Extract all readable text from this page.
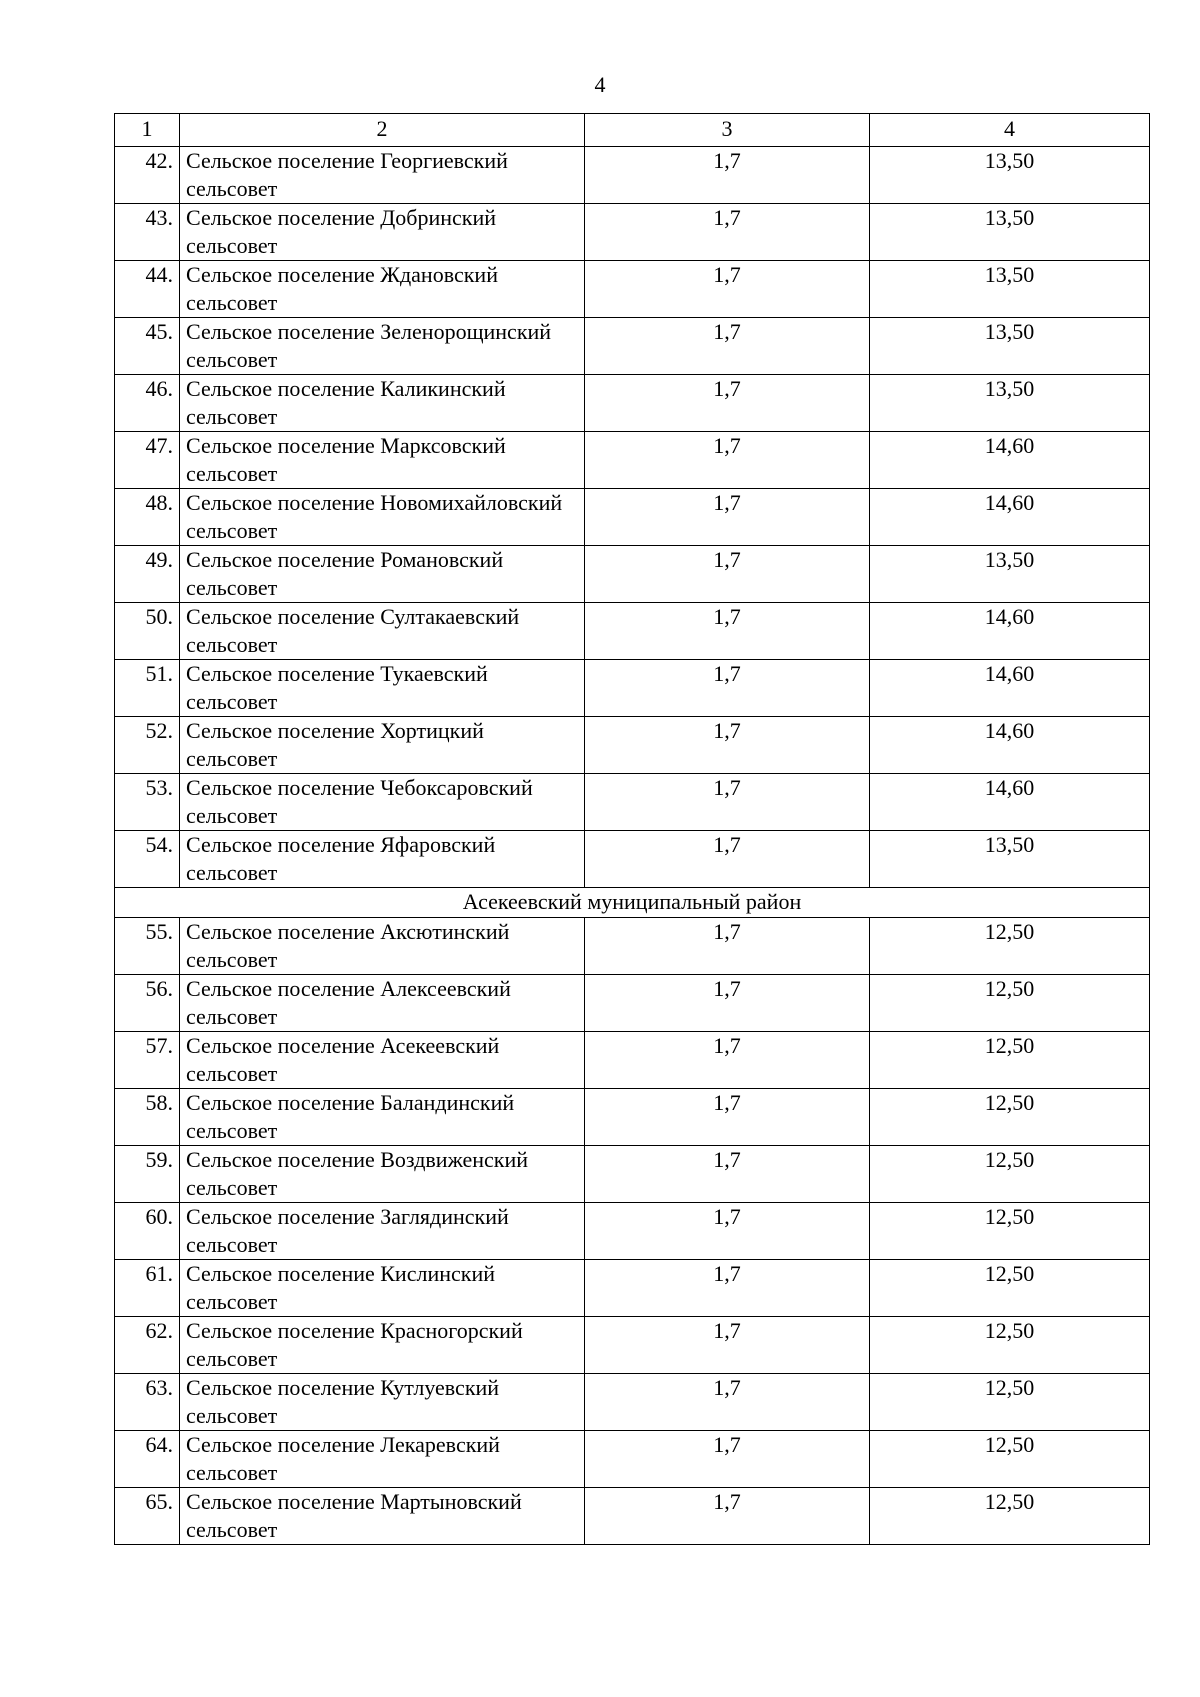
4
1	2	3	4
42.	Сельское поселение Георгиевский сельсовет	1,7	13,50
43.	Сельское поселение Добринский сельсовет	1,7	13,50
44.	Сельское поселение Ждановский сельсовет	1,7	13,50
45.	Сельское поселение Зеленорощинский сельсовет	1,7	13,50
46.	Сельское поселение Каликинский сельсовет	1,7	13,50
47.	Сельское поселение Марксовский сельсовет	1,7	14,60
48.	Сельское поселение Новомихайловский сельсовет	1,7	14,60
49.	Сельское поселение Романовский сельсовет	1,7	13,50
50.	Сельское поселение Султакаевский сельсовет	1,7	14,60
51.	Сельское поселение Тукаевский сельсовет	1,7	14,60
52.	Сельское поселение Хортицкий сельсовет	1,7	14,60
53.	Сельское поселение Чебоксаровский сельсовет	1,7	14,60
54.	Сельское поселение Яфаровский сельсовет	1,7	13,50
Асекеевский муниципальный район			
55.	Сельское поселение Аксютинский сельсовет	1,7	12,50
56.	Сельское поселение Алексеевский сельсовет	1,7	12,50
57.	Сельское поселение Асекеевский сельсовет	1,7	12,50
58.	Сельское поселение Баландинский сельсовет	1,7	12,50
59.	Сельское поселение Воздвиженский сельсовет	1,7	12,50
60.	Сельское поселение Заглядинский сельсовет	1,7	12,50
61.	Сельское поселение Кислинский сельсовет	1,7	12,50
62.	Сельское поселение Красногорский сельсовет	1,7	12,50
63.	Сельское поселение Кутлуевский сельсовет	1,7	12,50
64.	Сельское поселение Лекаревский сельсовет	1,7	12,50
65.	Сельское поселение Мартыновский сельсовет	1,7	12,50
